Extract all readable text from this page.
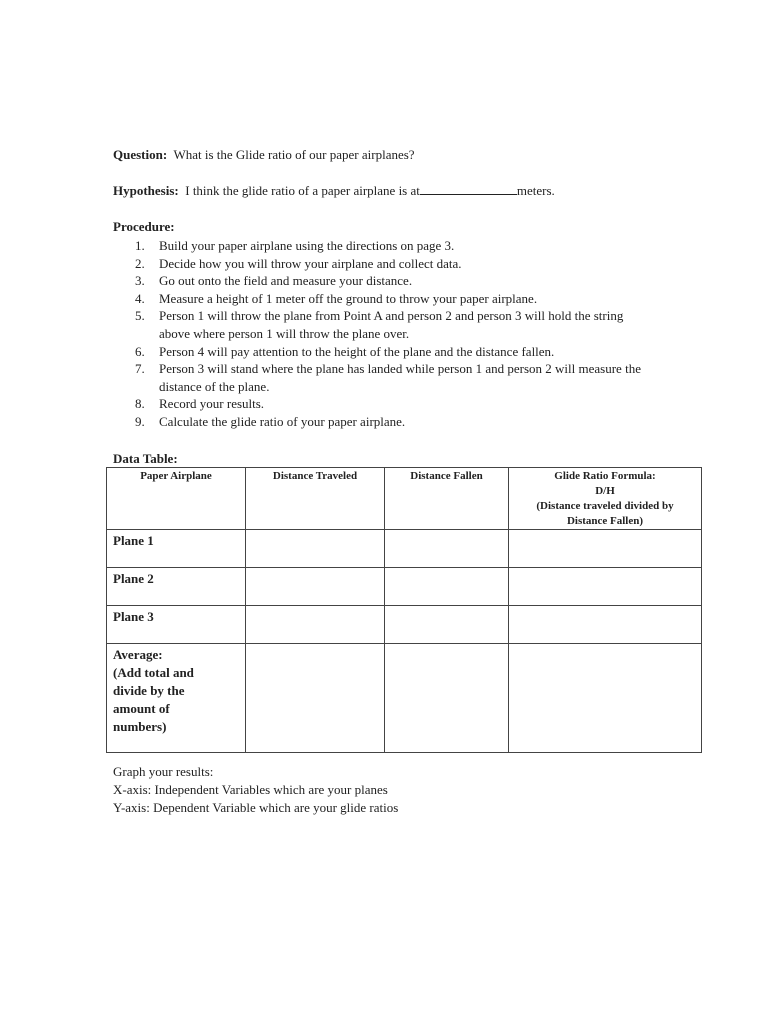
Question: What is the Glide ratio of our paper airplanes?
Hypothesis: I think the glide ratio of a paper airplane is at	meters.
Procedure:
1.	Build your paper airplane using the directions on page 3.
2.	Decide how you will throw your airplane and collect data.
3.	Go out onto the field and measure your distance.
4.	Measure a height of 1 meter off the ground to throw your paper airplane.
5.	Person 1 will throw the plane from Point A and person 2 and person 3 will hold the string above where person 1 will throw the plane over.
6.	Person 4 will pay attention to the height of the plane and the distance fallen.
7.	Person 3 will stand where the plane has landed while person 1 and person 2 will measure the distance of the plane.
8.	Record your results.
9.	Calculate the glide ratio of your paper airplane.
Data Table:
Paper Airplane	Distance Traveled	Distance Fallen	Glide Ratio Formula:
D/H
(Distance traveled divided by
Distance Fallen)
Plane 1			
Plane 2			
Plane 3			
Average:
(Add total and
divide by the
amount of
numbers)			
Graph your results:
X-axis: Independent Variables which are your planes
Y-axis: Dependent Variable which are your glide ratios
